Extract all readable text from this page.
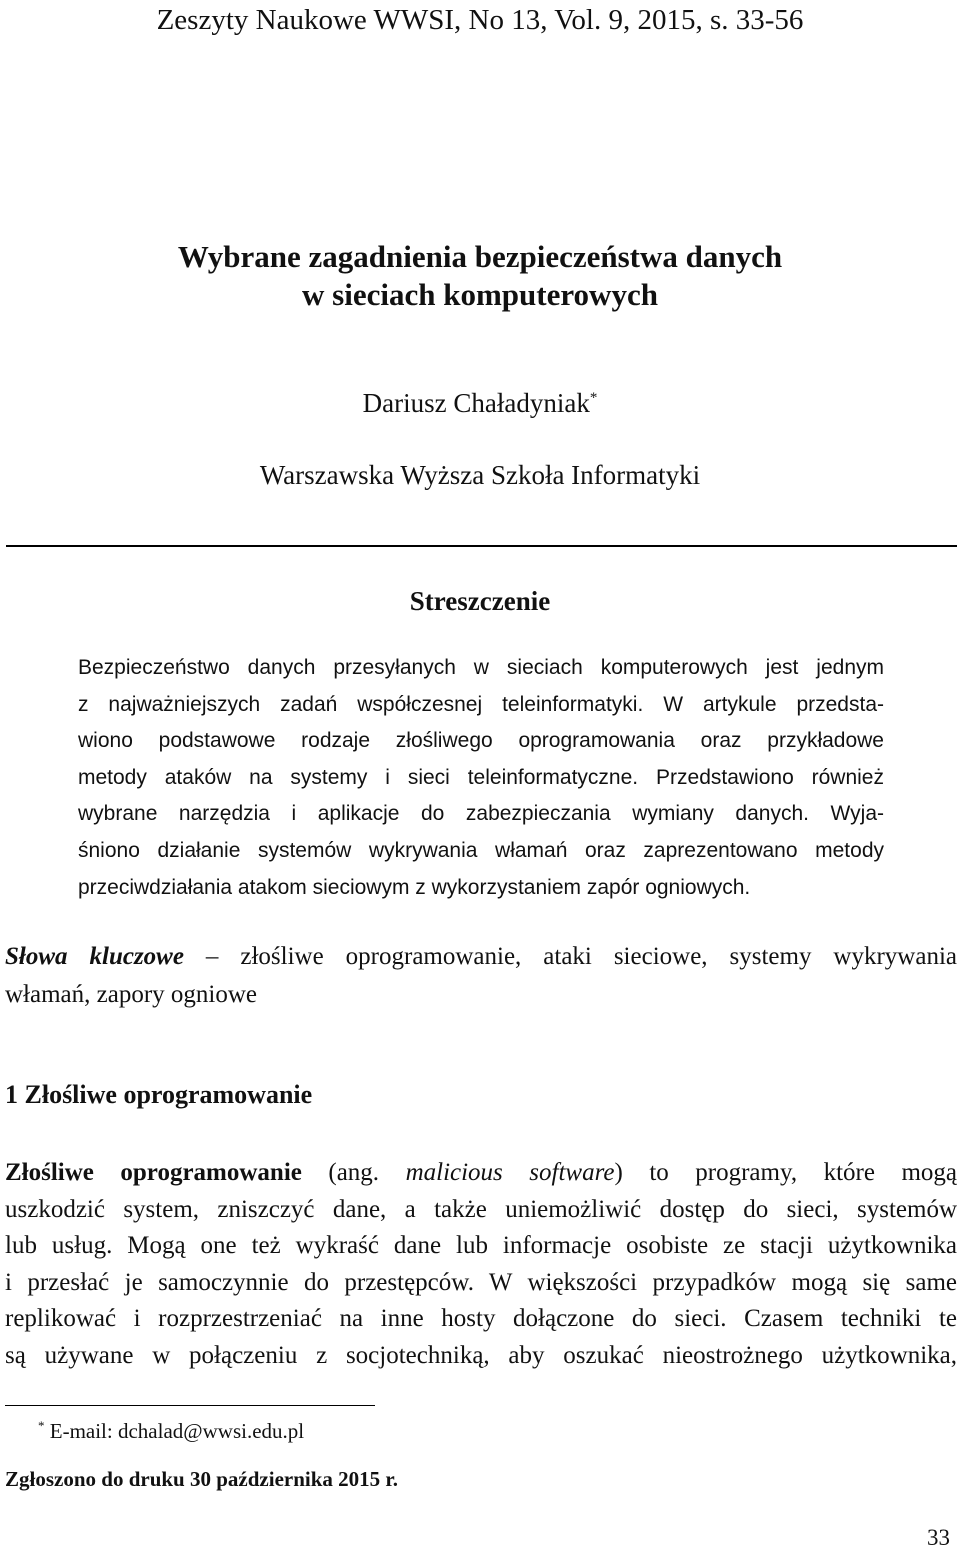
Zeszyty Naukowe WWSI, No 13, Vol. 9, 2015, s. 33-56
Wybrane zagadnienia bezpieczeństwa danych
w sieciach komputerowych
Dariusz Chaładyniak*
Warszawska Wyższa Szkoła Informatyki
Streszczenie
Bezpieczeństwo danych przesyłanych w sieciach komputerowych jest jednym
z najważniejszych zadań współczesnej teleinformatyki. W artykule przedsta-
wiono podstawowe rodzaje złośliwego oprogramowania oraz przykładowe
metody ataków na systemy i sieci teleinformatyczne. Przedstawiono również
wybrane narzędzia i aplikacje do zabezpieczania wymiany danych. Wyja-
śniono działanie systemów wykrywania włamań oraz zaprezentowano metody
przeciwdziałania atakom sieciowym z wykorzystaniem zapór ogniowych.
Słowa kluczowe – złośliwe oprogramowanie, ataki sieciowe, systemy wykrywania
włamań, zapory ogniowe
1 Złośliwe oprogramowanie
Złośliwe oprogramowanie (ang. malicious software) to programy, które mogą
uszkodzić system, zniszczyć dane, a także uniemożliwić dostęp do sieci, systemów
lub usług. Mogą one też wykraść dane lub informacje osobiste ze stacji użytkownika
i przesłać je samoczynnie do przestępców. W większości przypadków mogą się same
replikować i rozprzestrzeniać na inne hosty dołączone do sieci. Czasem techniki te
są używane w połączeniu z socjotechniką, aby oszukać nieostrożnego użytkownika,
* E-mail: dchalad@wwsi.edu.pl
Zgłoszono do druku 30 października 2015 r.
33
